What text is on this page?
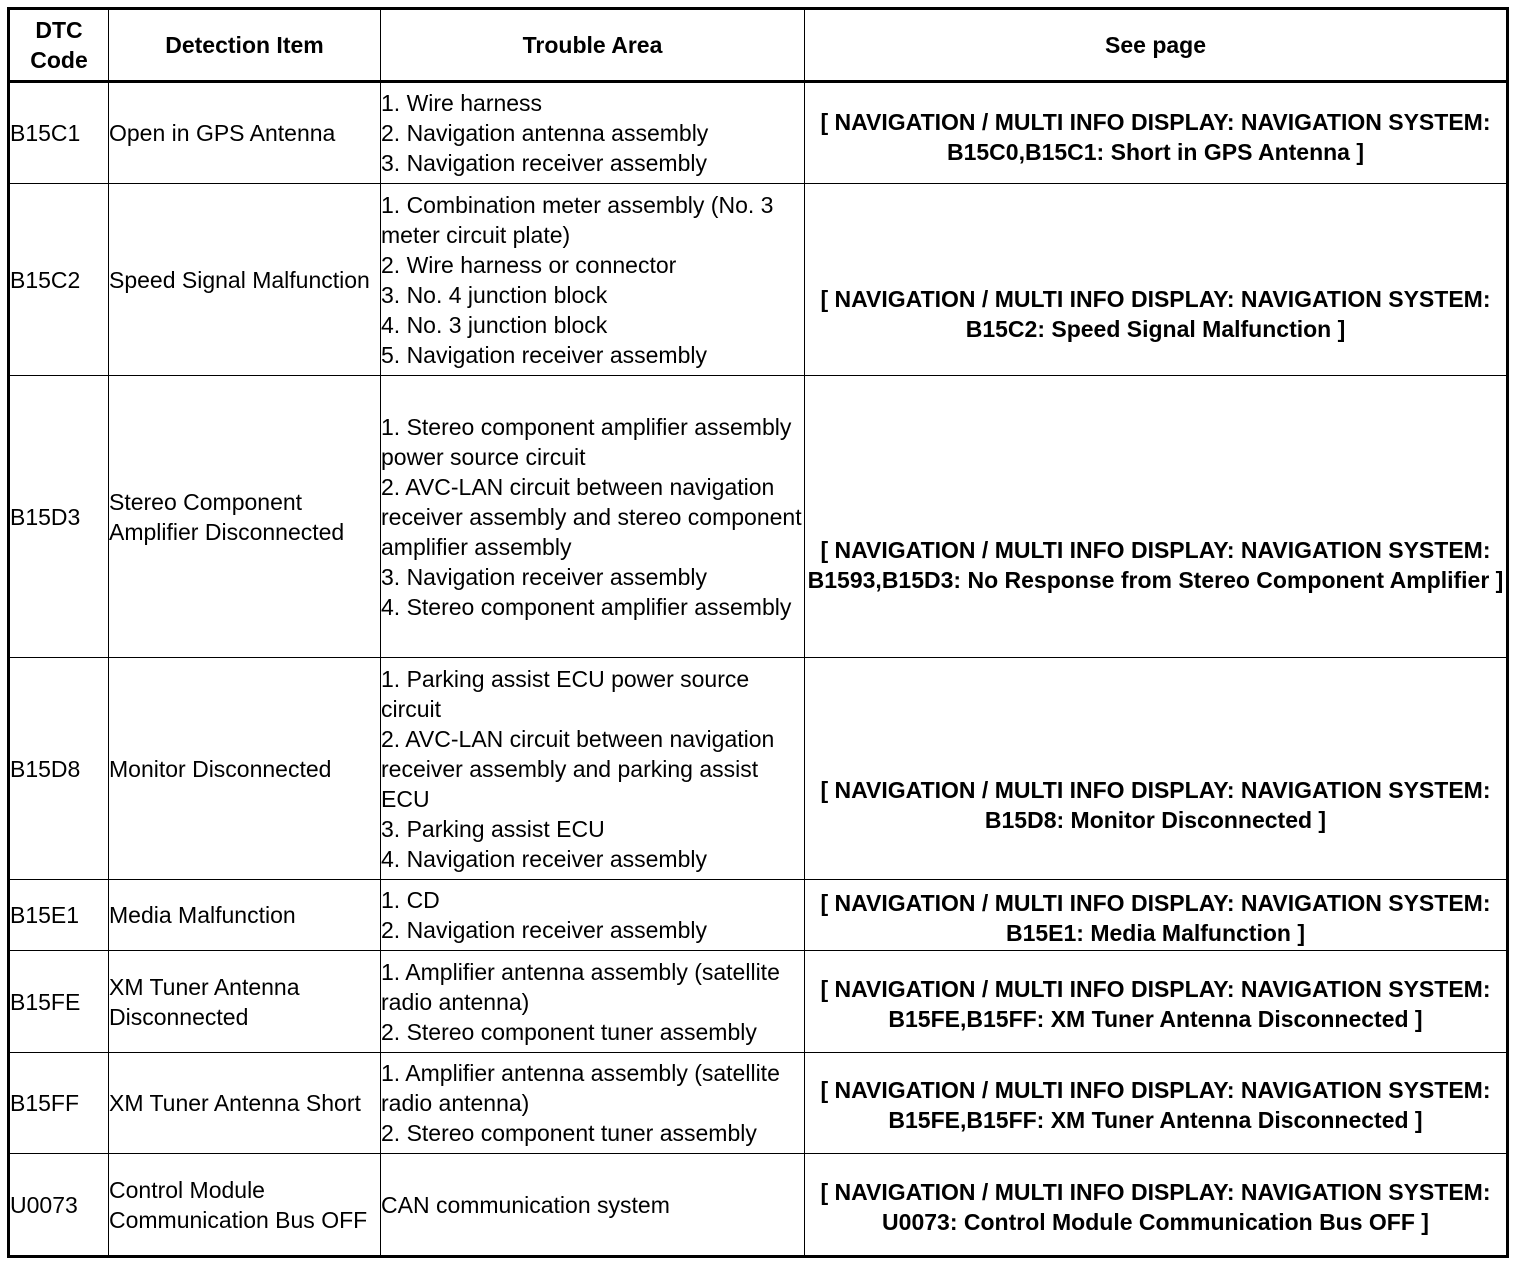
DTC Code	Detection Item	Trouble Area	See page
B15C1	Open in GPS Antenna	1. Wire harness
2. Navigation antenna assembly
3. Navigation receiver assembly	[ NAVIGATION / MULTI INFO DISPLAY: NAVIGATION SYSTEM: B15C0,B15C1: Short in GPS Antenna ]

B15C2	Speed Signal Malfunction	1. Combination meter assembly (No. 3 meter circuit plate)
2. Wire harness or connector
3. No. 4 junction block
4. No. 3 junction block
5. Navigation receiver assembly	[ NAVIGATION / MULTI INFO DISPLAY: NAVIGATION SYSTEM: B15C2: Speed Signal Malfunction ]

B15D3	Stereo Component Amplifier Disconnected	1. Stereo component amplifier assembly power source circuit
2. AVC-LAN circuit between navigation receiver assembly and stereo component amplifier assembly
3. Navigation receiver assembly
4. Stereo component amplifier assembly	[ NAVIGATION / MULTI INFO DISPLAY: NAVIGATION SYSTEM: B1593,B15D3: No Response from Stereo Component Amplifier ]

B15D8	Monitor Disconnected	1. Parking assist ECU power source circuit
2. AVC-LAN circuit between navigation receiver assembly and parking assist ECU
3. Parking assist ECU
4. Navigation receiver assembly	[ NAVIGATION / MULTI INFO DISPLAY: NAVIGATION SYSTEM: B15D8: Monitor Disconnected ]

B15E1	Media Malfunction	1. CD
2. Navigation receiver assembly	[ NAVIGATION / MULTI INFO DISPLAY: NAVIGATION SYSTEM: B15E1: Media Malfunction ]

B15FE	XM Tuner Antenna Disconnected	1. Amplifier antenna assembly (satellite radio antenna)
2. Stereo component tuner assembly	[ NAVIGATION / MULTI INFO DISPLAY: NAVIGATION SYSTEM: B15FE,B15FF: XM Tuner Antenna Disconnected ]

B15FF	XM Tuner Antenna Short	1. Amplifier antenna assembly (satellite radio antenna)
2. Stereo component tuner assembly	[ NAVIGATION / MULTI INFO DISPLAY: NAVIGATION SYSTEM: B15FE,B15FF: XM Tuner Antenna Disconnected ]

U0073	Control Module Communication Bus OFF	CAN communication system	[ NAVIGATION / MULTI INFO DISPLAY: NAVIGATION SYSTEM: U0073: Control Module Communication Bus OFF ]
